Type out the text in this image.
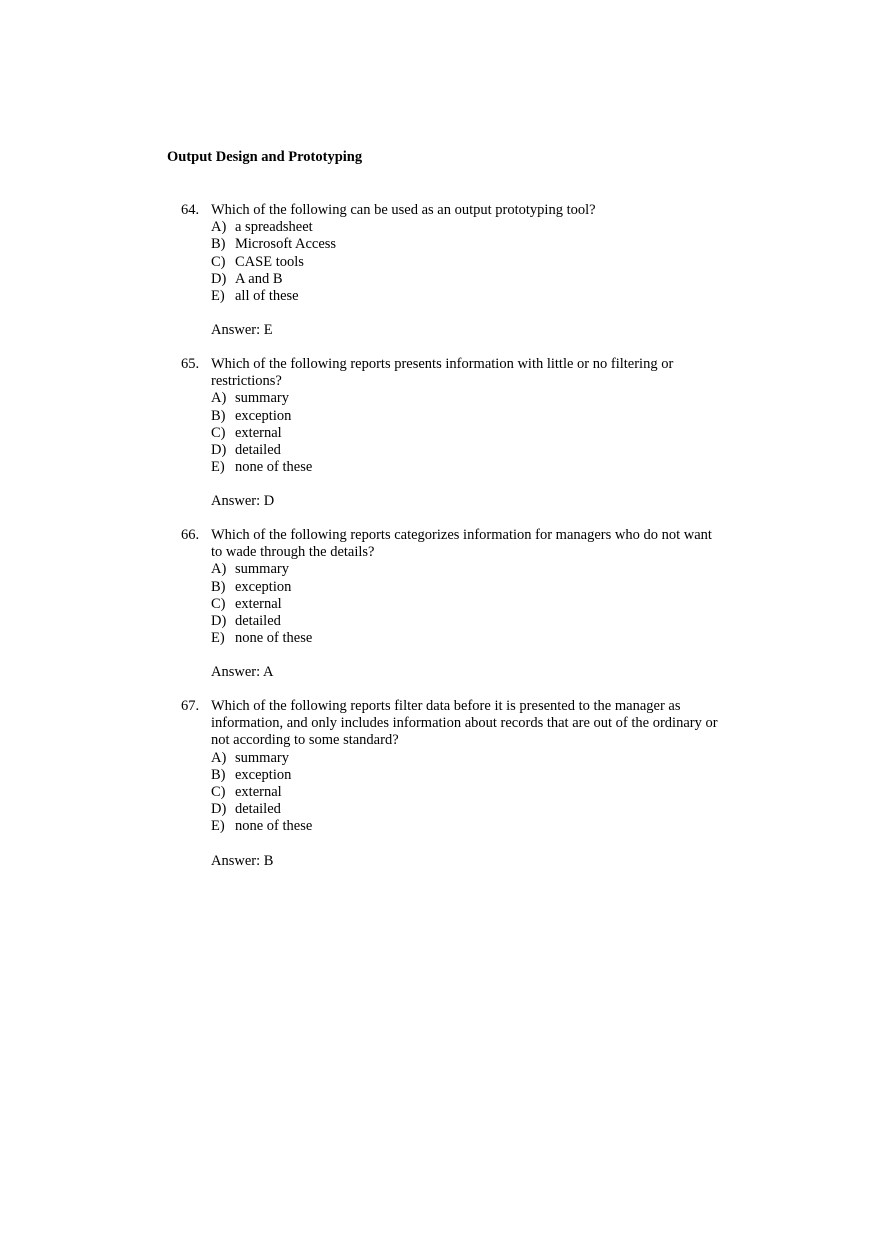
Output Design and Prototyping
64. Which of the following can be used as an output prototyping tool?
A) a spreadsheet
B) Microsoft Access
C) CASE tools
D) A and B
E) all of these
Answer: E
65. Which of the following reports presents information with little or no filtering or restrictions?
A) summary
B) exception
C) external
D) detailed
E) none of these
Answer: D
66. Which of the following reports categorizes information for managers who do not want to wade through the details?
A) summary
B) exception
C) external
D) detailed
E) none of these
Answer: A
67. Which of the following reports filter data before it is presented to the manager as information, and only includes information about records that are out of the ordinary or not according to some standard?
A) summary
B) exception
C) external
D) detailed
E) none of these
Answer: B
